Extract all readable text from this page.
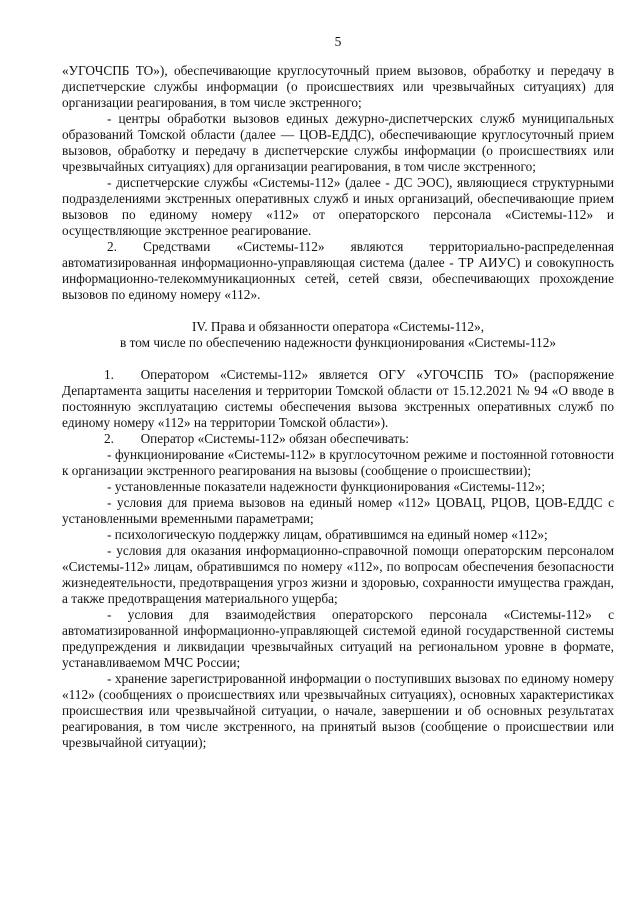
5

«УГОЧСПБ ТО»), обеспечивающие круглосуточный прием вызовов, обработку и передачу в диспетчерские службы информации (о происшествиях или чрезвычайных ситуациях) для организации реагирования, в том числе экстренного;

- центры обработки вызовов единых дежурно-диспетчерских служб муниципальных образований Томской области (далее — ЦОВ-ЕДДС), обеспечивающие круглосуточный прием вызовов, обработку и передачу в диспетчерские службы информации (о происшествиях или чрезвычайных ситуациях) для организации реагирования, в том числе экстренного;

- диспетчерские службы «Системы-112» (далее - ДС ЭОС), являющиеся структурными подразделениями экстренных оперативных служб и иных организаций, обеспечивающие прием вызовов по единому номеру «112» от операторского персонала «Системы-112» и осуществляющие экстренное реагирование.

2. Средствами «Системы-112» являются территориально-распределенная автоматизированная информационно-управляющая система (далее - ТР АИУС) и совокупность информационно-телекоммуникационных сетей, сетей связи, обеспечивающих прохождение вызовов по единому номеру «112».

IV. Права и обязанности оператора «Системы-112»,
в том числе по обеспечению надежности функционирования «Системы-112»

1.  Оператором «Системы-112» является ОГУ «УГОЧСПБ ТО» (распоряжение Департамента защиты населения и территории Томской области от 15.12.2021 № 94 «О вводе в постоянную эксплуатацию системы обеспечения вызова экстренных оперативных служб по единому номеру «112» на территории Томской области»).

2.  Оператор «Системы-112» обязан обеспечивать:

- функционирование «Системы-112» в круглосуточном режиме и постоянной готовности к организации экстренного реагирования на вызовы (сообщение о происшествии);

- установленные показатели надежности функционирования «Системы-112»;

- условия для приема вызовов на единый номер «112» ЦОВАЦ, РЦОВ, ЦОВ-ЕДДС с установленными временными параметрами;

- психологическую поддержку лицам, обратившимся на единый номер «112»;

- условия для оказания информационно-справочной помощи операторским персоналом «Системы-112» лицам, обратившимся по номеру «112», по вопросам обеспечения безопасности жизнедеятельности, предотвращения угроз жизни и здоровью, сохранности имущества граждан, а также предотвращения материального ущерба;

- условия для взаимодействия операторского персонала «Системы-112» с автоматизированной информационно-управляющей системой единой государственной системы предупреждения и ликвидации чрезвычайных ситуаций на региональном уровне в формате, устанавливаемом МЧС России;

- хранение зарегистрированной информации о поступивших вызовах по единому номеру «112» (сообщениях о происшествиях или чрезвычайных ситуациях), основных характеристиках происшествия или чрезвычайной ситуации, о начале, завершении и об основных результатах реагирования, в том числе экстренного, на принятый вызов (сообщение о происшествии или чрезвычайной ситуации);
